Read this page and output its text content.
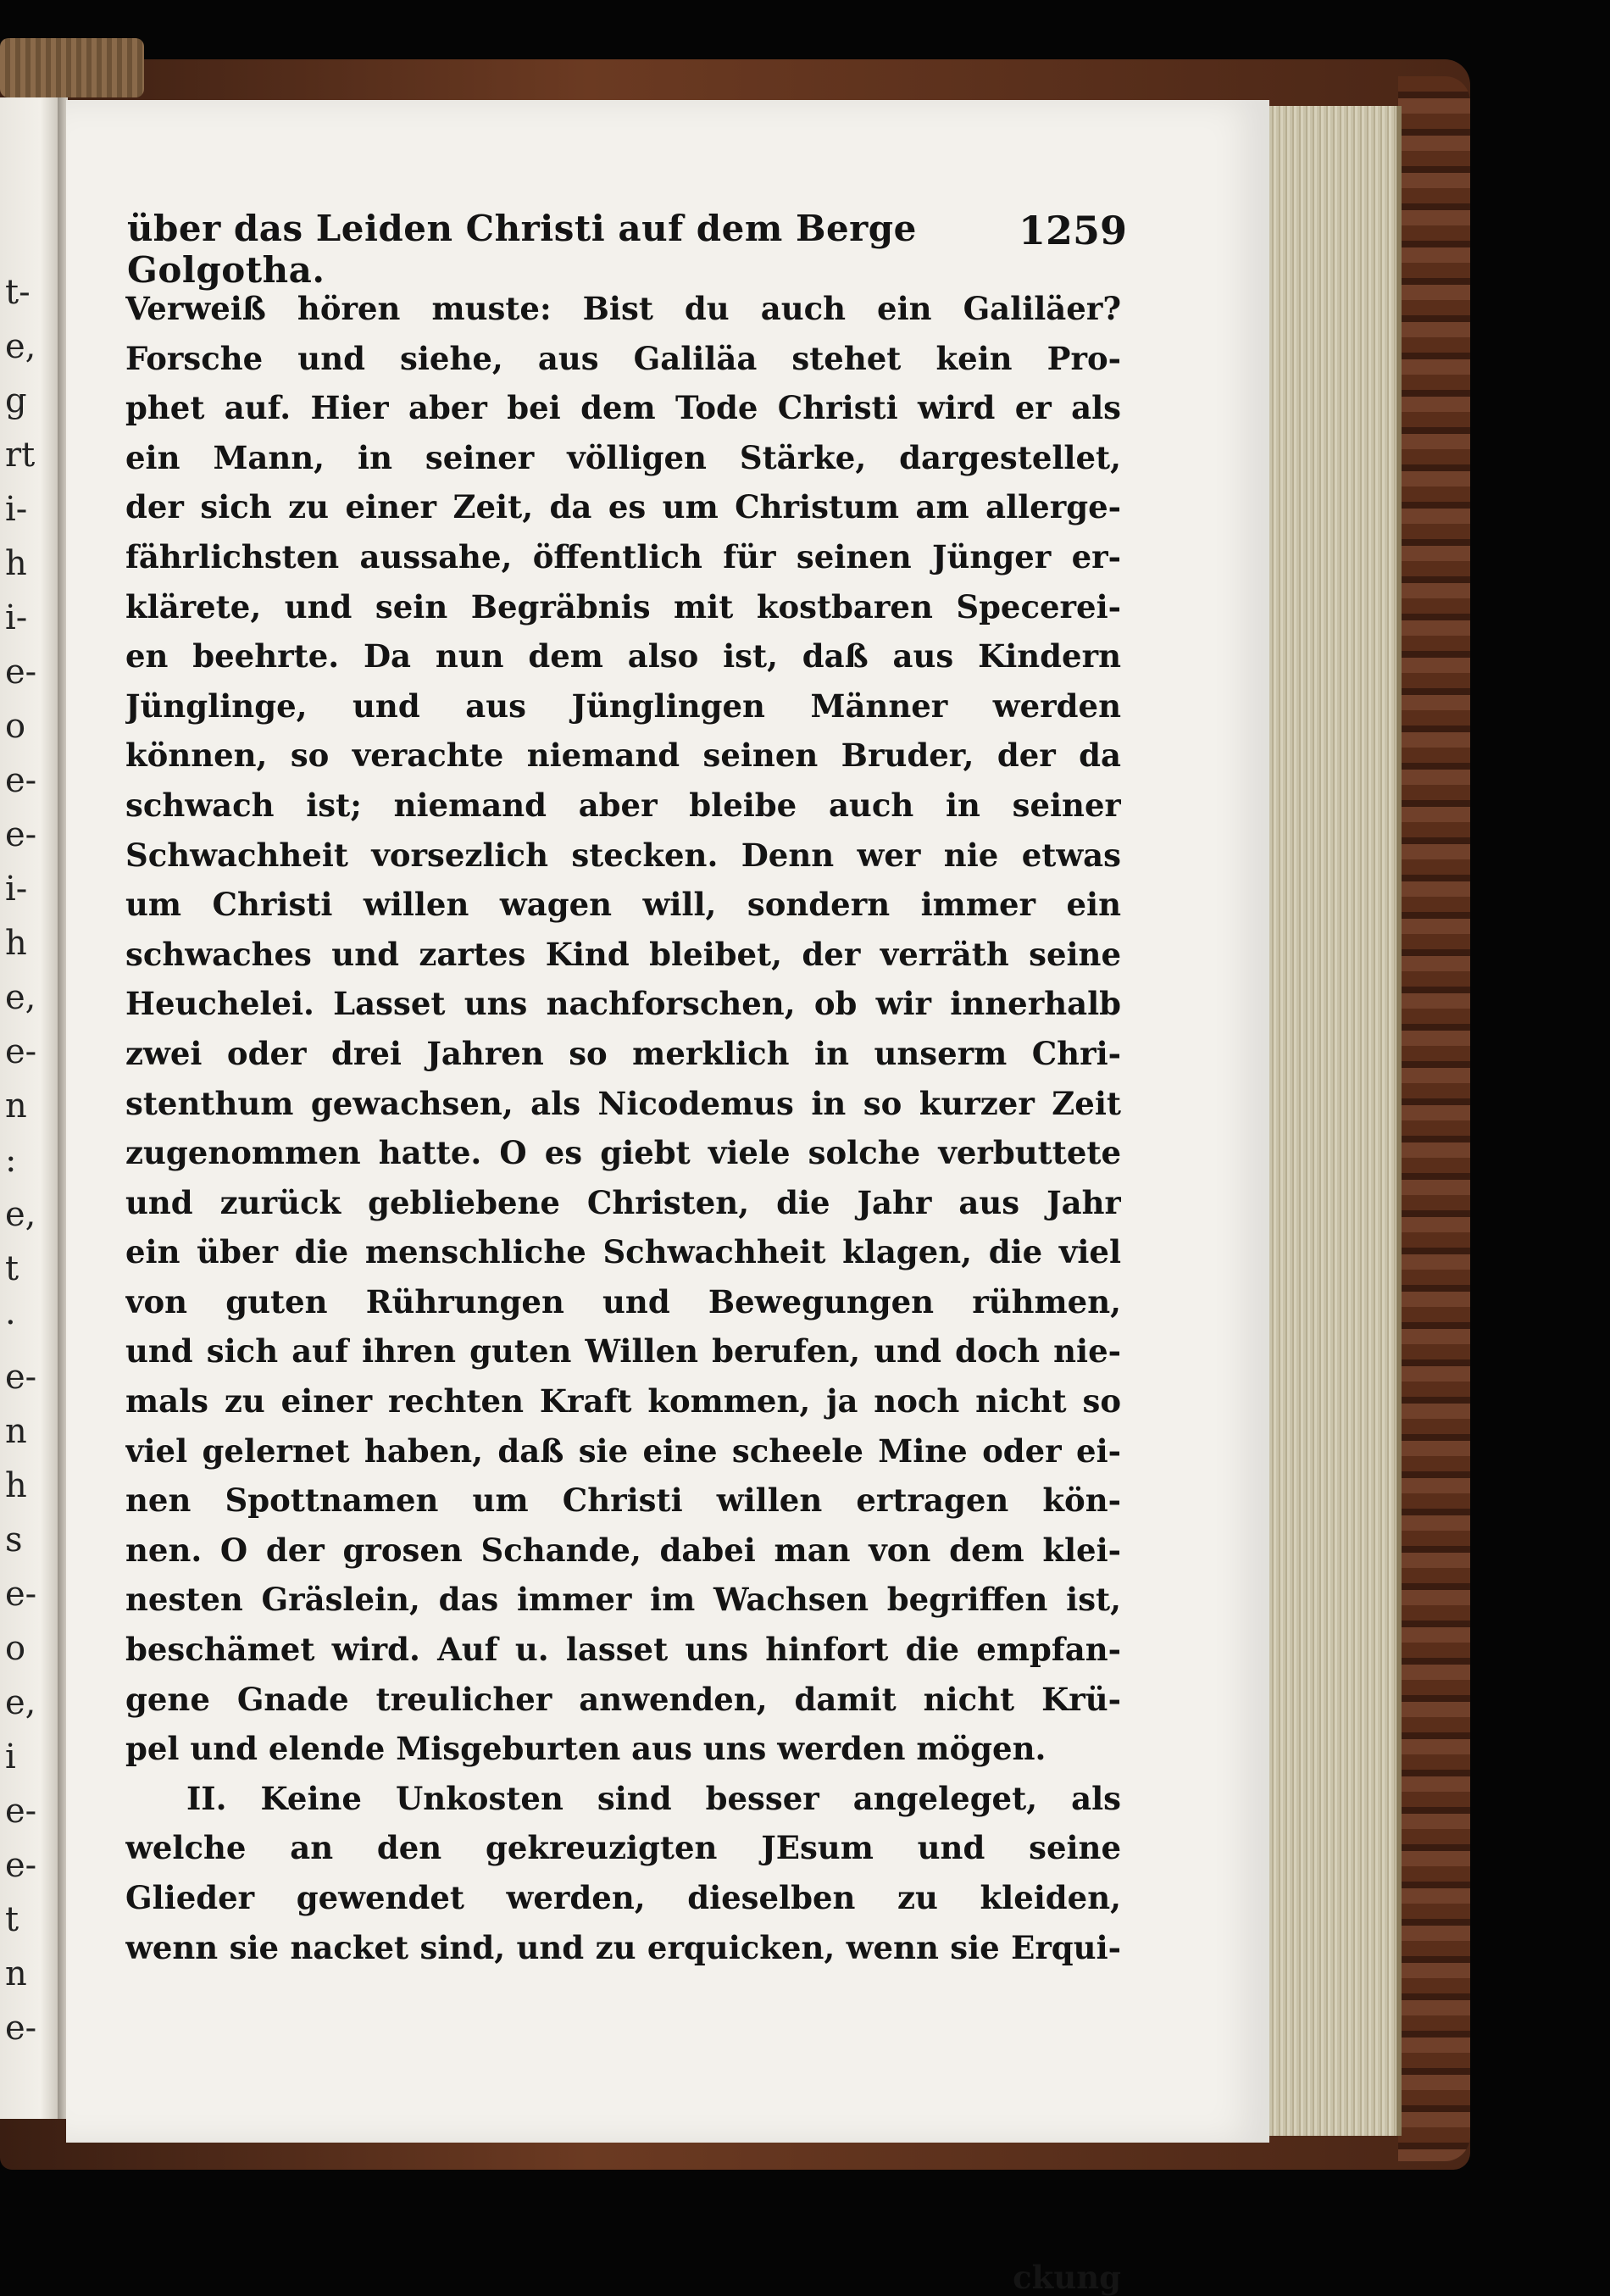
t-
e,
g
rt
i-
h
i-
e-
o
e-
e-
i-
h
e,
e-
n
:
e,
t
·
e-
n
h
s
e-
o
e,
i
e-
e-
t
n
e-
über das Leiden Christi auf dem Berge Golgotha.
1259
Verweiß hören muste: Bist du auch ein Galiläer?
Forsche und siehe, aus Galiläa stehet kein Pro-
phet auf. Hier aber bei dem Tode Christi wird er als
ein Mann, in seiner völligen Stärke, dargestellet,
der sich zu einer Zeit, da es um Christum am allerge-
fährlichsten aussahe, öffentlich für seinen Jünger er-
klärete, und sein Begräbnis mit kostbaren Specerei-
en beehrte. Da nun dem also ist, daß aus Kindern
Jünglinge, und aus Jünglingen Männer werden
können, so verachte niemand seinen Bruder, der da
schwach ist; niemand aber bleibe auch in seiner
Schwachheit vorsezlich stecken. Denn wer nie etwas
um Christi willen wagen will, sondern immer ein
schwaches und zartes Kind bleibet, der verräth seine
Heuchelei. Lasset uns nachforschen, ob wir innerhalb
zwei oder drei Jahren so merklich in unserm Chri-
stenthum gewachsen, als Nicodemus in so kurzer Zeit
zugenommen hatte. O es giebt viele solche verbuttete
und zurück gebliebene Christen, die Jahr aus Jahr
ein über die menschliche Schwachheit klagen, die viel
von guten Rührungen und Bewegungen rühmen,
und sich auf ihren guten Willen berufen, und doch nie-
mals zu einer rechten Kraft kommen, ja noch nicht so
viel gelernet haben, daß sie eine scheele Mine oder ei-
nen Spottnamen um Christi willen ertragen kön-
nen. O der grosen Schande, dabei man von dem klei-
nesten Gräslein, das immer im Wachsen begriffen ist,
beschämet wird. Auf u. lasset uns hinfort die empfan-
gene Gnade treulicher anwenden, damit nicht Krü-
pel und elende Misgeburten aus uns werden mögen.
II. Keine Unkosten sind besser angeleget, als
welche an den gekreuzigten JEsum und seine
Glieder gewendet werden, dieselben zu kleiden,
wenn sie nacket sind, und zu erquicken, wenn sie Erqui-
ckung
